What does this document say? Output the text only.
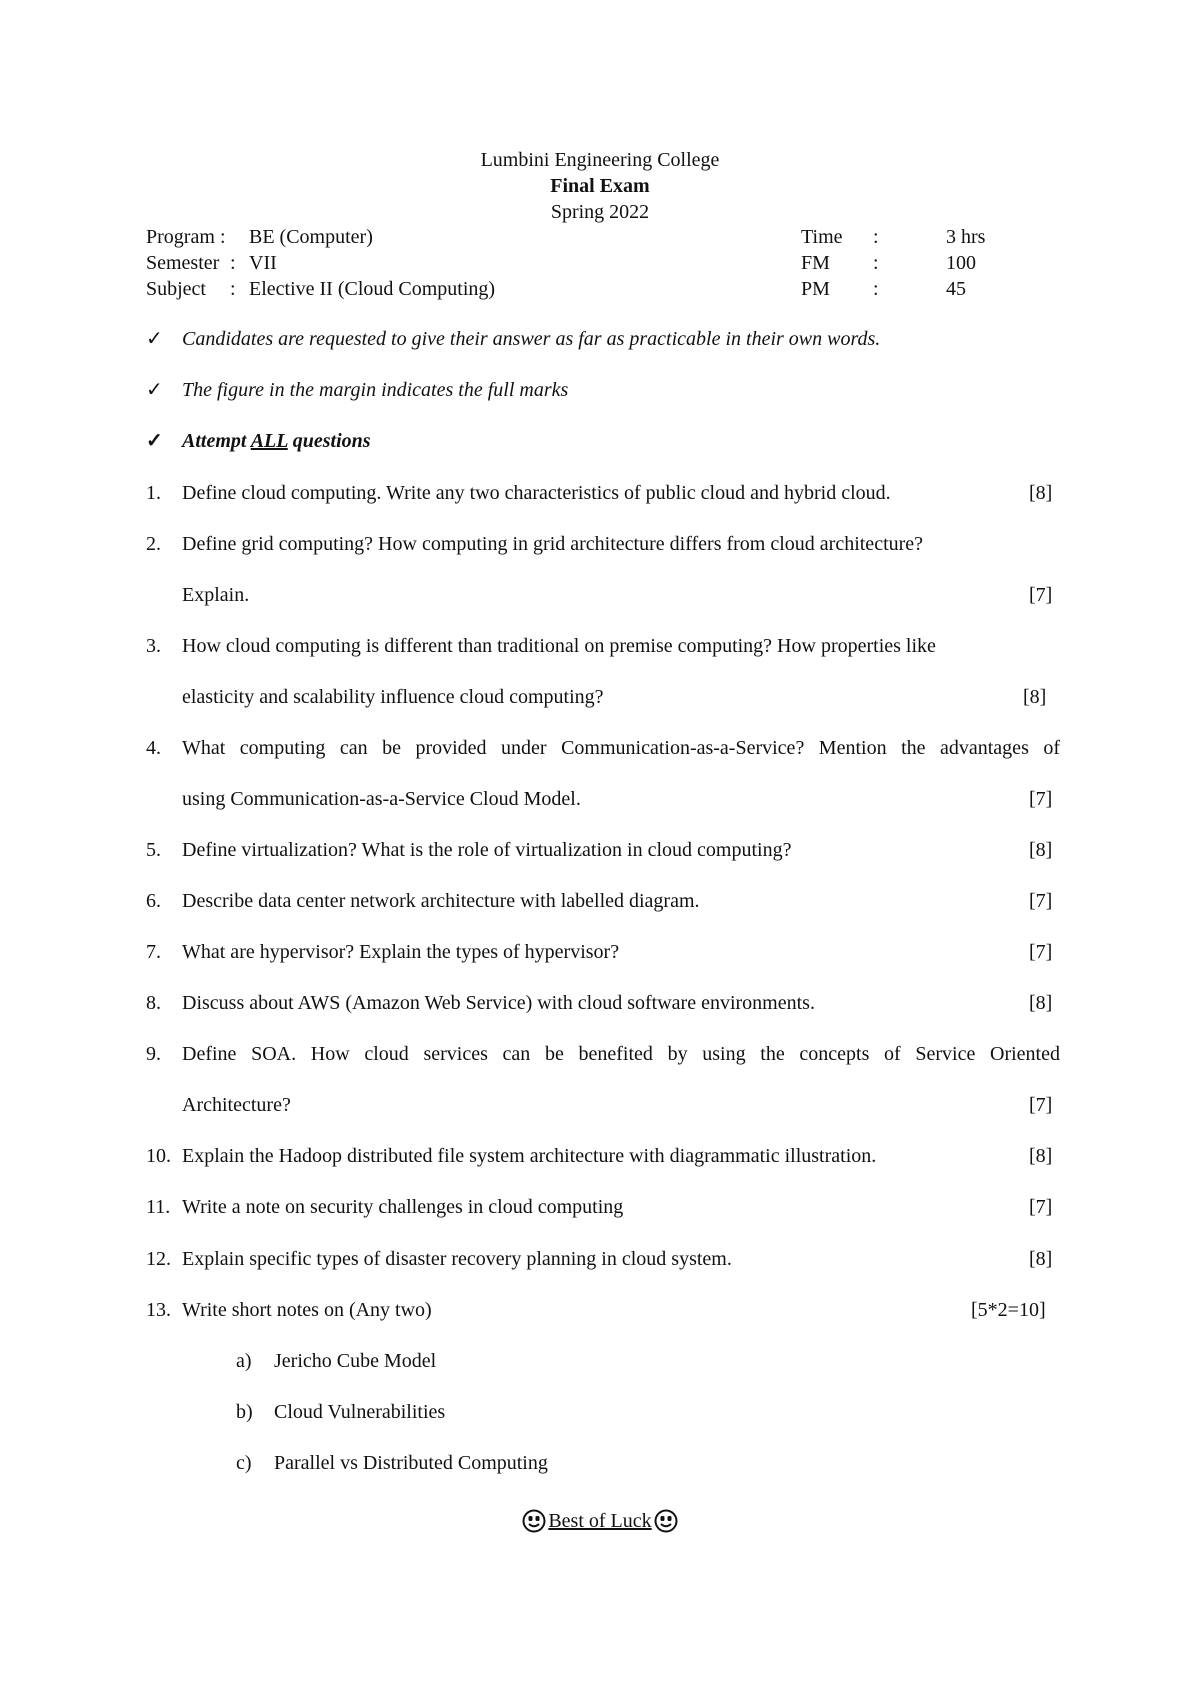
Lumbini Engineering College
Final Exam
Spring 2022
Program : BE (Computer)	Time :	3 hrs
Semester : VII	FM :	100
Subject : Elective II (Cloud Computing)	PM :	45
✓ Candidates are requested to give their answer as far as practicable in their own words.
✓ The figure in the margin indicates the full marks
✓ Attempt ALL questions
1. Define cloud computing. Write any two characteristics of public cloud and hybrid cloud.	[8]
2. Define grid computing? How computing in grid architecture differs from cloud architecture?
Explain.	[7]
3. How cloud computing is different than traditional on premise computing? How properties like
elasticity and scalability influence cloud computing?	[8]
4. What computing can be provided under Communication-as-a-Service? Mention the advantages of
using Communication-as-a-Service Cloud Model.	[7]
5. Define virtualization? What is the role of virtualization in cloud computing?	[8]
6. Describe data center network architecture with labelled diagram.	[7]
7. What are hypervisor? Explain the types of hypervisor?	[7]
8. Discuss about AWS (Amazon Web Service) with cloud software environments.	[8]
9. Define SOA. How cloud services can be benefited by using the concepts of Service Oriented
Architecture?	[7]
10. Explain the Hadoop distributed file system architecture with diagrammatic illustration.	[8]
11. Write a note on security challenges in cloud computing	[7]
12. Explain specific types of disaster recovery planning in cloud system.	[8]
13. Write short notes on (Any two)	[5*2=10]
a) Jericho Cube Model
b) Cloud Vulnerabilities
c) Parallel vs Distributed Computing
Best of Luck
